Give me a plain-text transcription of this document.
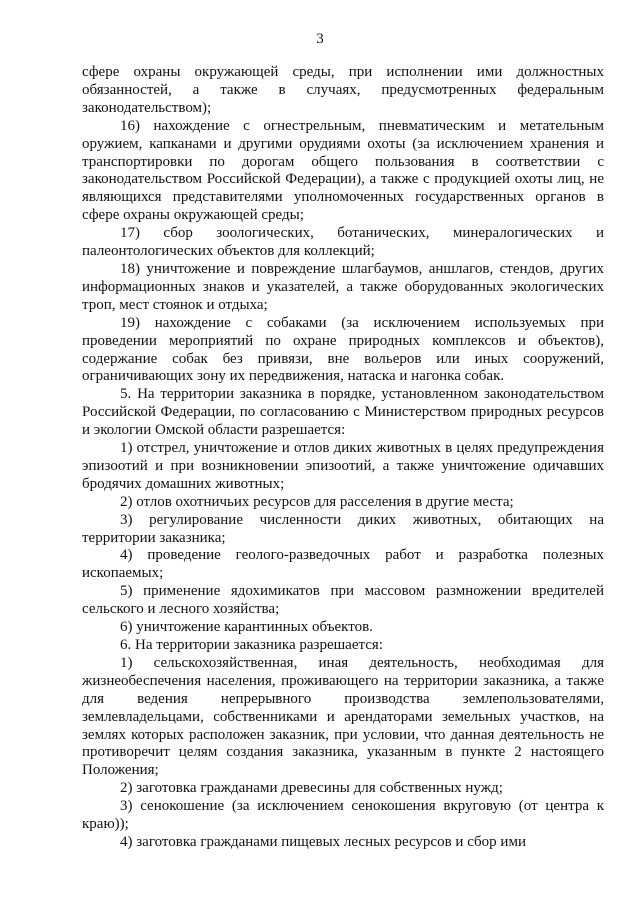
3

сфере охраны окружающей среды, при исполнении ими должностных обязанностей, а также в случаях, предусмотренных федеральным законодательством);

16) нахождение с огнестрельным, пневматическим и метательным оружием, капканами и другими орудиями охоты (за исключением хранения и транспортировки по дорогам общего пользования в соответствии с законодательством Российской Федерации), а также с продукцией охоты лиц, не являющихся представителями уполномоченных государственных органов в сфере охраны окружающей среды;

17) сбор зоологических, ботанических, минералогических и палеонтологических объектов для коллекций;

18) уничтожение и повреждение шлагбаумов, аншлагов, стендов, других информационных знаков и указателей, а также оборудованных экологических троп, мест стоянок и отдыха;

19) нахождение с собаками (за исключением используемых при проведении мероприятий по охране природных комплексов и объектов), содержание собак без привязи, вне вольеров или иных сооружений, ограничивающих зону их передвижения, натаска и нагонка собак.

5. На территории заказника в порядке, установленном законодательством Российской Федерации, по согласованию с Министерством природных ресурсов и экологии Омской области разрешается:

1) отстрел, уничтожение и отлов диких животных в целях предупреждения эпизоотий и при возникновении эпизоотий, а также уничтожение одичавших бродячих домашних животных;

2) отлов охотничьих ресурсов для расселения в другие места;

3) регулирование численности диких животных, обитающих на территории заказника;

4) проведение геолого-разведочных работ и разработка полезных ископаемых;

5) применение ядохимикатов при массовом размножении вредителей сельского и лесного хозяйства;

6) уничтожение карантинных объектов.

6. На территории заказника разрешается:

1) сельскохозяйственная, иная деятельность, необходимая для жизнеобеспечения населения, проживающего на территории заказника, а также для ведения непрерывного производства землепользователями, землевладельцами, собственниками и арендаторами земельных участков, на землях которых расположен заказник, при условии, что данная деятельность не противоречит целям создания заказника, указанным в пункте 2 настоящего Положения;

2) заготовка гражданами древесины для собственных нужд;

3) сенокошение (за исключением сенокошения вкруговую (от центра к краю));

4) заготовка гражданами пищевых лесных ресурсов и сбор ими
